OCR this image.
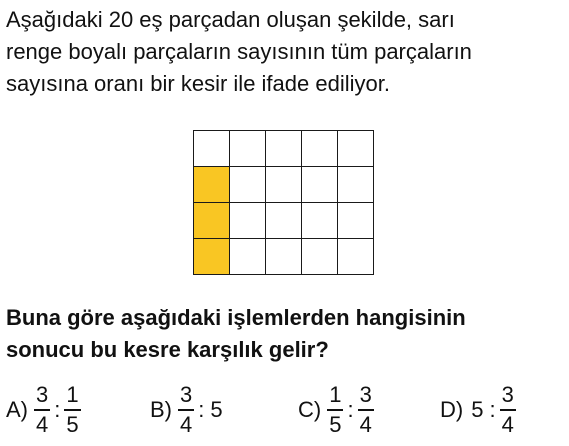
Aşağıdaki 20 eş parçadan oluşan şekilde, sarı
renge boyalı parçaların sayısının tüm parçaların
sayısına oranı bir kesir ile ifade ediliyor.
Buna göre aşağıdaki işlemlerden hangisinin
sonucu bu kesre karşılık gelir?
$A) \frac{3}{4}$ : $\frac{1}{5}$	$B) \frac{3}{4}$ : 5	$C) \frac{1}{5}$ : $\frac{3}{4}$	D) 5 : $\frac{3}{4}$
